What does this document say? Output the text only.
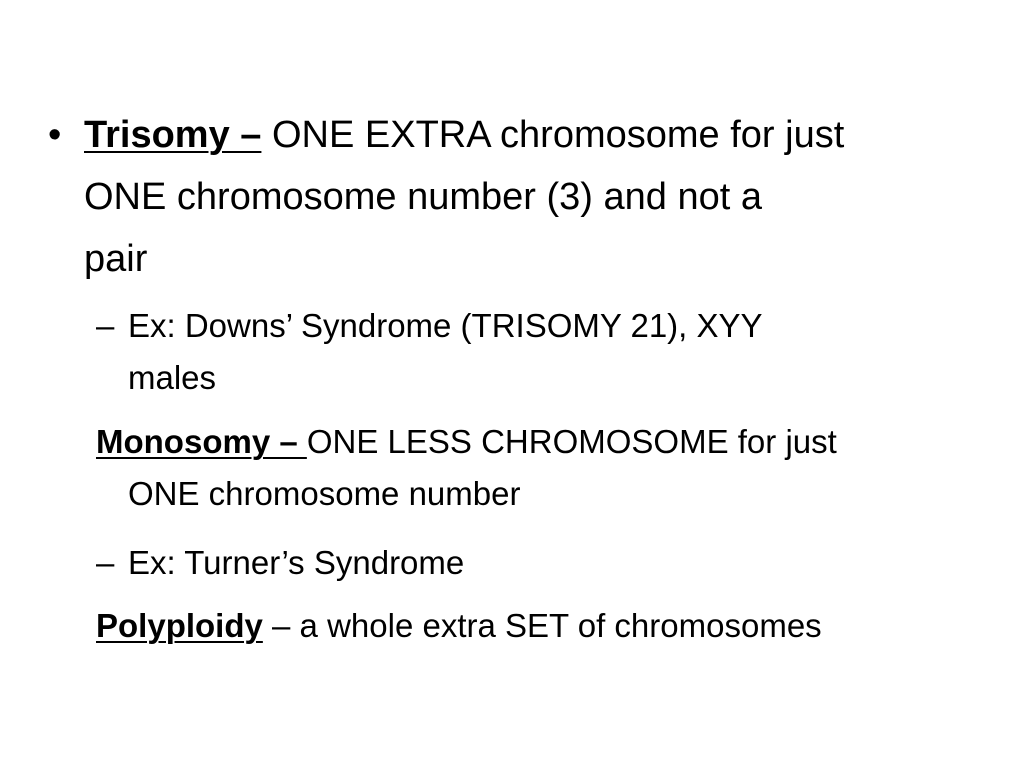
• Trisomy – ONE EXTRA chromosome for just
ONE chromosome number (3) and not a
pair
– Ex: Downs’ Syndrome (TRISOMY 21), XYY
males
Monosomy – ONE LESS CHROMOSOME for just
ONE chromosome number
– Ex: Turner’s Syndrome
Polyploidy – a whole extra SET of chromosomes
